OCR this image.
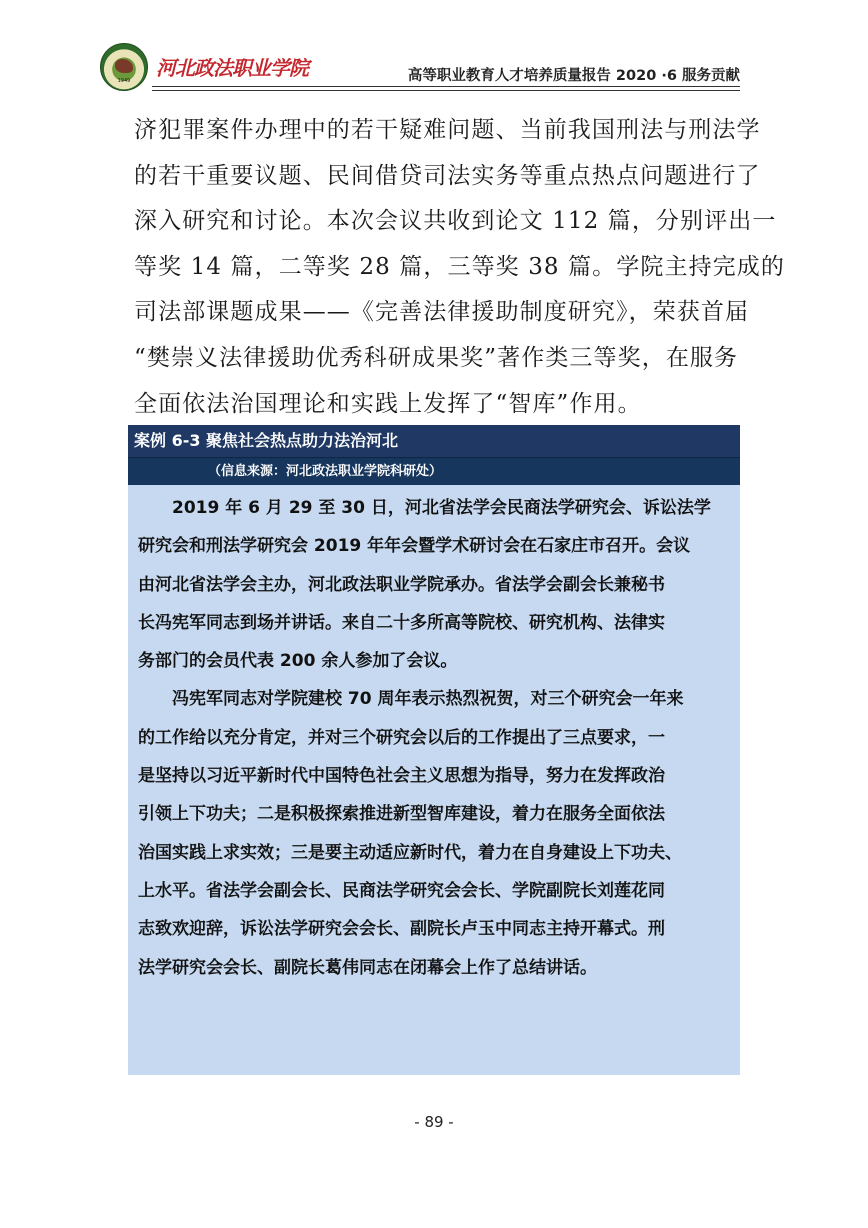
1949
河北政法职业学院	高等职业教育人才培养质量报告 2020 ·6 服务贡献
济犯罪案件办理中的若干疑难问题、当前我国刑法与刑法学
的若干重要议题、民间借贷司法实务等重点热点问题进行了
深入研究和讨论。本次会议共收到论文 112 篇，分别评出一
等奖 14 篇，二等奖 28 篇，三等奖 38 篇。学院主持完成的
司法部课题成果——《完善法律援助制度研究》，荣获首届
“樊崇义法律援助优秀科研成果奖”著作类三等奖，在服务
全面依法治国理论和实践上发挥了“智库”作用。
案例 6-3 聚焦社会热点助力法治河北
（信息来源：河北政法职业学院科研处）
　　2019 年 6 月 29 至 30 日，河北省法学会民商法学研究会、诉讼法学
研究会和刑法学研究会 2019 年年会暨学术研讨会在石家庄市召开。会议
由河北省法学会主办，河北政法职业学院承办。省法学会副会长兼秘书
长冯宪军同志到场并讲话。来自二十多所高等院校、研究机构、法律实
务部门的会员代表 200 余人参加了会议。
　　冯宪军同志对学院建校 70 周年表示热烈祝贺，对三个研究会一年来
的工作给以充分肯定，并对三个研究会以后的工作提出了三点要求，一
是坚持以习近平新时代中国特色社会主义思想为指导，努力在发挥政治
引领上下功夫；二是积极探索推进新型智库建设，着力在服务全面依法
治国实践上求实效；三是要主动适应新时代，着力在自身建设上下功夫、
上水平。省法学会副会长、民商法学研究会会长、学院副院长刘莲花同
志致欢迎辞，诉讼法学研究会会长、副院长卢玉中同志主持开幕式。刑
法学研究会会长、副院长葛伟同志在闭幕会上作了总结讲话。
- 89 -
